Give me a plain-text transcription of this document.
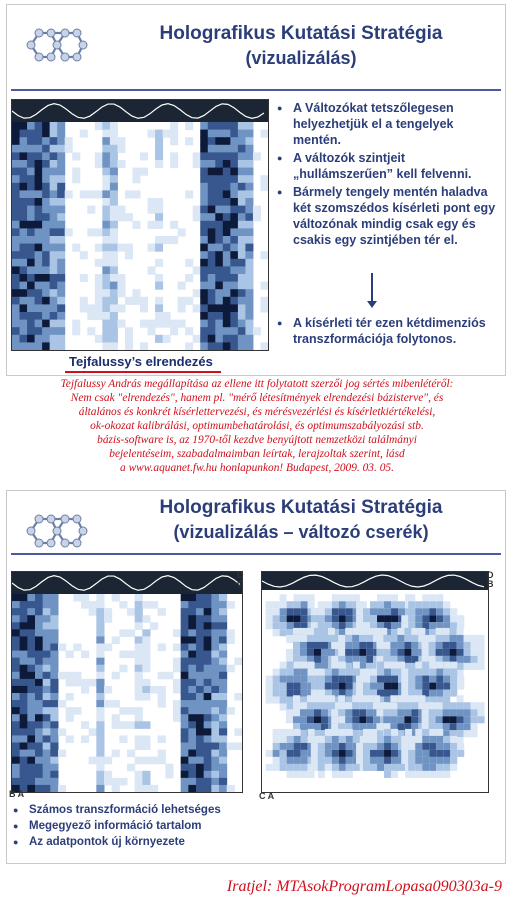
Holografikus Kutatási Stratégia
(vizualizálás)
● A Változókat tetszőlegesen helyezhetjük el a tengelyek mentén.
● A változók szintjeit „hullámszerűen” kell felvenni.
● Bármely tengely mentén haladva két szomszédos kísérleti pont egy változónak mindig csak egy és csakis egy szintjében tér el.
● A kísérleti tér ezen kétdimenziós transzformációja folytonos.
Tejfalussy’s elrendezés
Tejfalussy András megállapítása az ellene itt folytatott szerzői jog sértés mibenlétéről:
Nem csak "elrendezés", hanem pl. "mérő létesítmények elrendezési bázisterve", és
általános és konkrét kísérlettervezési, és mérésvezérlési és kísérletkiértékelési,
ok-okozat kalibrálási, optimumbehatárolási, és optimumszabályozási stb.
bázis-software is, az 1970-től kezdve benyújtott nemzetközi találmányi
bejelentéseim, szabadalmaimban leírtak, lerajzoltak szerint, lásd
a www.aquanet.fw.hu honlapunkon! Budapest, 2009. 03. 05.
Holografikus Kutatási Stratégia
(vizualizálás – változó cserék)
D
C
B A
D
B
C A
● Számos transzformáció lehetséges
● Megegyező információ tartalom
● Az adatpontok új környezete
Iratjel: MTAsokProgramLopasa090303a-9
